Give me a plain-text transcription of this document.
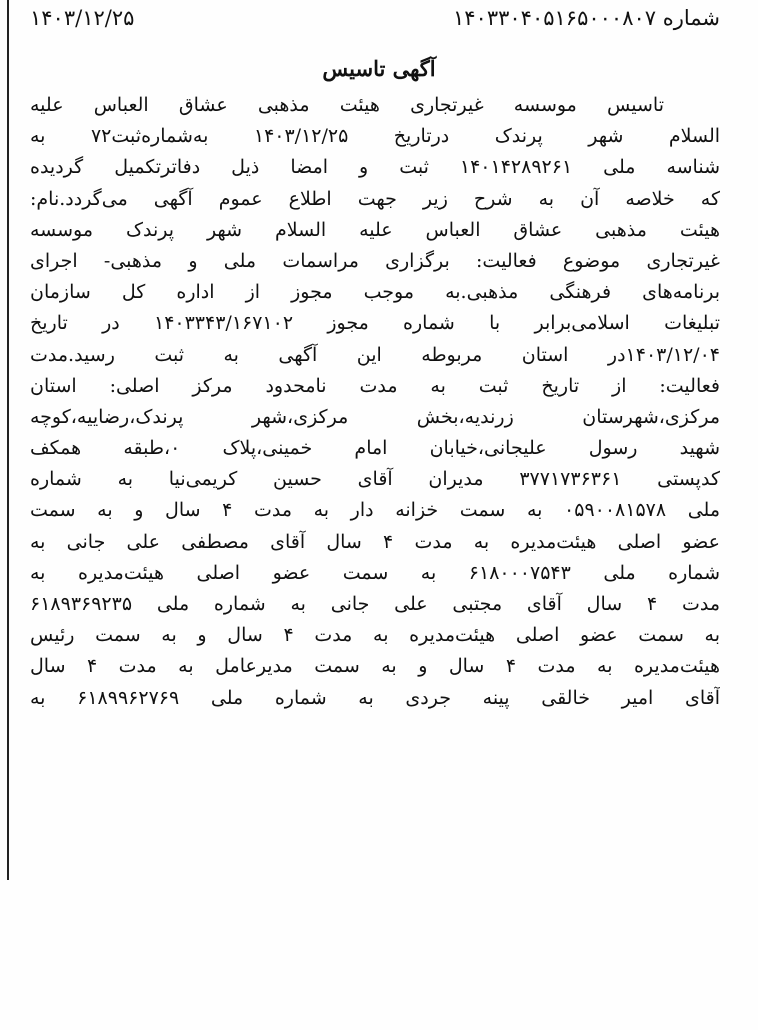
۱۴۰۳/۱۲/۲۵	شماره ۱۴۰۳۳۰۴۰۵۱۶۵۰۰۰۸۰۷
آگهی تاسیس
تاسیس موسسه غیرتجاری هیئت مذهبی عشاق العباس علیه
السلام شهر پرندک درتاریخ ۱۴۰۳/۱۲/۲۵ به‌شماره‌ثبت۷۲ به
شناسه ملی ۱۴۰۱۴۲۸۹۲۶۱ ثبت و امضا ذیل دفاترتکمیل گردیده
که خلاصه آن به شرح زیر جهت اطلاع عموم آگهی می‌گردد.نام:
هیئت مذهبی عشاق العباس علیه السلام شهر پرندک موسسه
غیرتجاری موضوع فعالیت: برگزاری مراسمات ملی و مذهبی- اجرای
برنامه‌های فرهنگی مذهبی.به موجب مجوز از اداره کل سازمان
تبلیغات اسلامی‌برابر با شماره مجوز ۱۴۰۳۳۴۳/۱۶۷۱۰۲ در تاریخ
۱۴۰۳/۱۲/۰۴در استان مربوطه این آگهی به ثبت رسید.مدت
فعالیت: از تاریخ ثبت به مدت نامحدود مرکز اصلی: استان
مرکزی،شهرستان زرندیه،بخش مرکزی،شهر پرندک،رضاییه،کوچه
شهید رسول علیجانی،خیابان امام خمینی،پلاک ۰،طبقه همکف
کدپستی ۳۷۷۱۷۳۶۳۶۱ مدیران آقای حسین کریمی‌نیا به شماره
ملی ۰۵۹۰۰۸۱۵۷۸ به سمت خزانه دار به مدت ۴ سال و به سمت
عضو اصلی هیئت‌مدیره به مدت ۴ سال آقای مصطفی علی جانی به
شماره ملی ۶۱۸۰۰۰۷۵۴۳ به سمت عضو اصلی هیئت‌مدیره به
مدت ۴ سال آقای مجتبی علی جانی به شماره ملی ۶۱۸۹۳۶۹۲۳۵
به سمت عضو اصلی هیئت‌مدیره به مدت ۴ سال و به سمت رئیس
هیئت‌مدیره به مدت ۴ سال و به سمت مدیرعامل به مدت ۴ سال
آقای امیر خالقی پینه جردی به شماره ملی ۶۱۸۹۹۶۲۷۶۹ به
